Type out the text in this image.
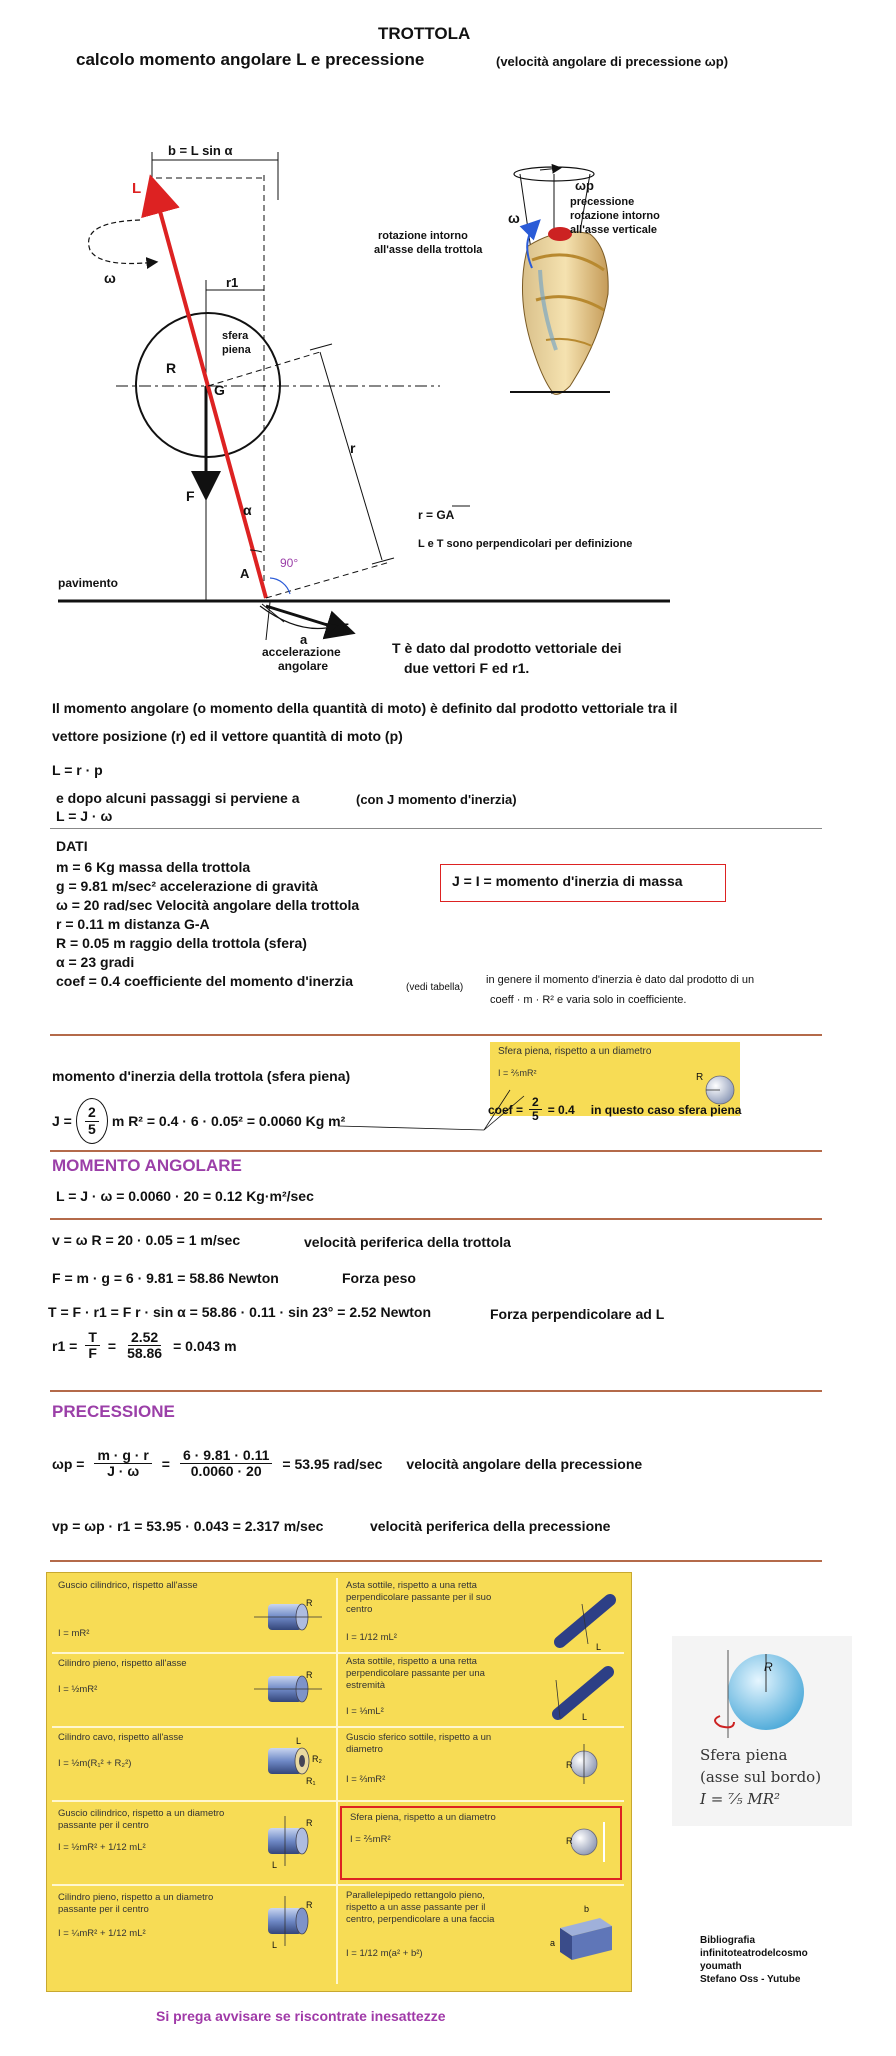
TROTTOLA
calcolo momento angolare L e precessione	(velocità angolare di precessione ωp)
b = L sin α
L
ω	r1
R
sfera
piena
G
F
α
A
r
90°
T
a
accelerazione
angolare
pavimento
r = GA
L e T sono perpendicolari per definizione
T è dato dal prodotto vettoriale dei
due vettori F ed r1.
ωp
precessione
rotazione intorno
all'asse verticale
ω
rotazione intorno
all'asse della trottola
Il momento angolare (o momento della quantità di moto) è definito dal prodotto vettoriale tra il
vettore posizione (r) ed il vettore quantità di moto (p)
L = r · p
e dopo alcuni passaggi si perviene a	(con J momento d'inerzia)
L = J · ω
DATI
m = 6 Kg massa della trottola
g = 9.81 m/sec² accelerazione di gravità
ω = 20 rad/sec Velocità angolare della trottola
r = 0.11 m distanza G-A
R = 0.05 m raggio della trottola (sfera)
α = 23 gradi
coef = 0.4 coefficiente del momento d'inerzia	(vedi tabella)
J = I = momento d'inerzia di massa
in genere il momento d'inerzia è dato dal prodotto di un
coeff · m · R² e varia solo in coefficiente.
momento d'inerzia della trottola (sfera piena)
$J = \frac{2}{5}$ m R² = 0.4 · 6 · 0.05² = 0.0060 Kg m²
Sfera piena, rispetto a un diametro
I = ⅖mR²	R
coef = $\frac{2}{5} = 0.4$ in questo caso sfera piena
MOMENTO ANGOLARE
L = J · ω = 0.0060 · 20 = 0.12 Kg·m²/sec
v = ω R = 20 · 0.05 = 1 m/sec	velocità periferica della trottola
F = m · g = 6 · 9.81 = 58.86 Newton	Forza peso
T = F · r1 = F r · sin α = 58.86 · 0.11 · sin 23° = 2.52 Newton	Forza perpendicolare ad L
$r1 = \frac{T}{F} = \frac{2.52}{58.86} = 0.043$ m
PRECESSIONE
$\omega p = \frac{m \cdot g \cdot r}{J \cdot \omega} = \frac{6 \cdot 9.81 \cdot 0.11}{0.0060 \cdot 20} = 53.95$ rad/sec velocità angolare della precessione
vp = ωp · r1 = 53.95 · 0.043 = 2.317 m/sec	velocità periferica della precessione
Guscio cilindrico, rispetto all'asse
I = mR²
Asta sottile, rispetto a una retta perpendicolare passante per il suo centro
I = 1/12 mL²
Cilindro pieno, rispetto all'asse
I = ½mR²
Asta sottile, rispetto a una retta perpendicolare passante per una estremità
I = ⅓mL²
Cilindro cavo, rispetto all'asse
I = ½m(R₁² + R₂²)
Guscio sferico sottile, rispetto a un diametro
I = ⅔mR²
Guscio cilindrico, rispetto a un diametro passante per il centro
I = ½mR² + 1/12 mL²
Sfera piena, rispetto a un diametro
I = ⅖mR²
Cilindro pieno, rispetto a un diametro passante per il centro
I = ¼mR² + 1/12 mL²
Parallelepipedo rettangolo pieno, rispetto a un asse passante per il centro, perpendicolare a una faccia
I = 1/12 m(a² + b²)
R
L
R
L
L
R₂
R₁
R
R
L
R
R
L	a
b
R
Sfera piena
(asse sul bordo)
I = ⁷⁄₅ MR²
Bibliografia
infinitoteatrodelcosmo
youmath
Stefano Oss - Yutube
Si prega avvisare se riscontrate inesattezze
